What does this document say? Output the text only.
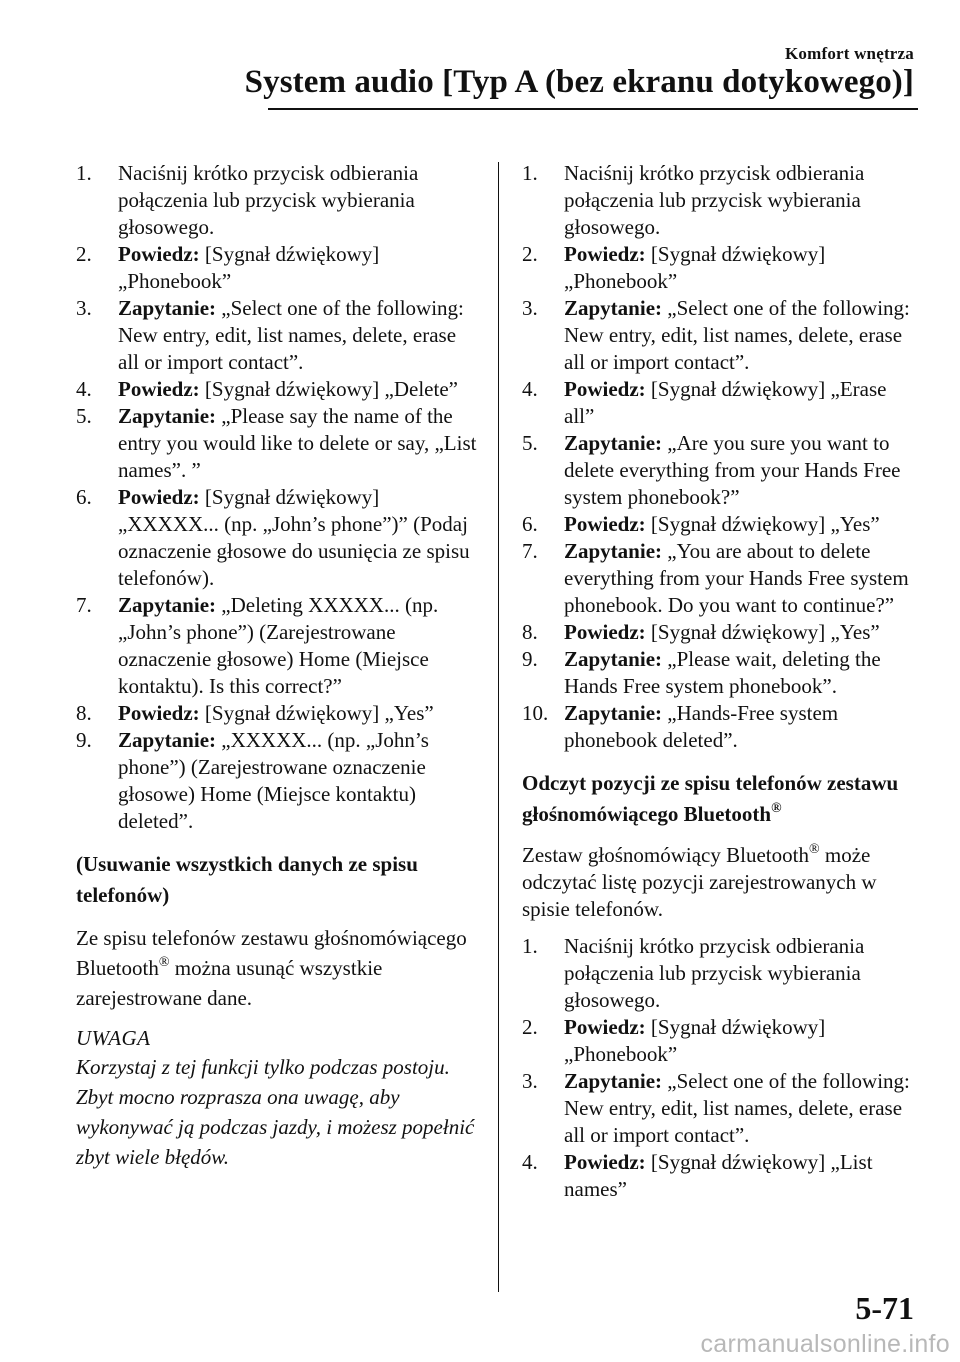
Komfort wnętrza
System audio [Typ A (bez ekranu dotykowego)]
1. Naciśnij krótko przycisk odbierania połączenia lub przycisk wybierania głosowego.
2. Powiedz: [Sygnał dźwiękowy] „Phonebook”
3. Zapytanie: „Select one of the following: New entry, edit, list names, delete, erase all or import contact”.
4. Powiedz: [Sygnał dźwiękowy] „Delete”
5. Zapytanie: „Please say the name of the entry you would like to delete or say, „List names”. ”
6. Powiedz: [Sygnał dźwiękowy] „XXXXX... (np. „John’s phone”)” (Podaj oznaczenie głosowe do usunięcia ze spisu telefonów).
7. Zapytanie: „Deleting XXXXX... (np. „John’s phone”) (Zarejestrowane oznaczenie głosowe) Home (Miejsce kontaktu). Is this correct?”
8. Powiedz: [Sygnał dźwiękowy] „Yes”
9. Zapytanie: „XXXXX... (np. „John’s phone”) (Zarejestrowane oznaczenie głosowe) Home (Miejsce kontaktu) deleted”.
(Usuwanie wszystkich danych ze spisu telefonów)

Ze spisu telefonów zestawu głośnomówiącego Bluetooth® można usunąć wszystkie zarejestrowane dane.

UWAGA
Korzystaj z tej funkcji tylko podczas postoju. Zbyt mocno rozprasza ona uwagę, aby wykonywać ją podczas jazdy, i możesz popełnić zbyt wiele błędów.
1. Naciśnij krótko przycisk odbierania połączenia lub przycisk wybierania głosowego.
2. Powiedz: [Sygnał dźwiękowy] „Phonebook”
3. Zapytanie: „Select one of the following: New entry, edit, list names, delete, erase all or import contact”.
4. Powiedz: [Sygnał dźwiękowy] „Erase all”
5. Zapytanie: „Are you sure you want to delete everything from your Hands Free system phonebook?”
6. Powiedz: [Sygnał dźwiękowy] „Yes”
7. Zapytanie: „You are about to delete everything from your Hands Free system phonebook. Do you want to continue?”
8. Powiedz: [Sygnał dźwiękowy] „Yes”
9. Zapytanie: „Please wait, deleting the Hands Free system phonebook”.
10. Zapytanie: „Hands-Free system phonebook deleted”.
Odczyt pozycji ze spisu telefonów zestawu głośnomówiącego Bluetooth®

Zestaw głośnomówiący Bluetooth® może odczytać listę pozycji zarejestrowanych w spisie telefonów.

1. Naciśnij krótko przycisk odbierania połączenia lub przycisk wybierania głosowego.
2. Powiedz: [Sygnał dźwiękowy] „Phonebook”
3. Zapytanie: „Select one of the following: New entry, edit, list names, delete, erase all or import contact”.
4. Powiedz: [Sygnał dźwiękowy] „List names”
5-71
carmanualsonline.info
